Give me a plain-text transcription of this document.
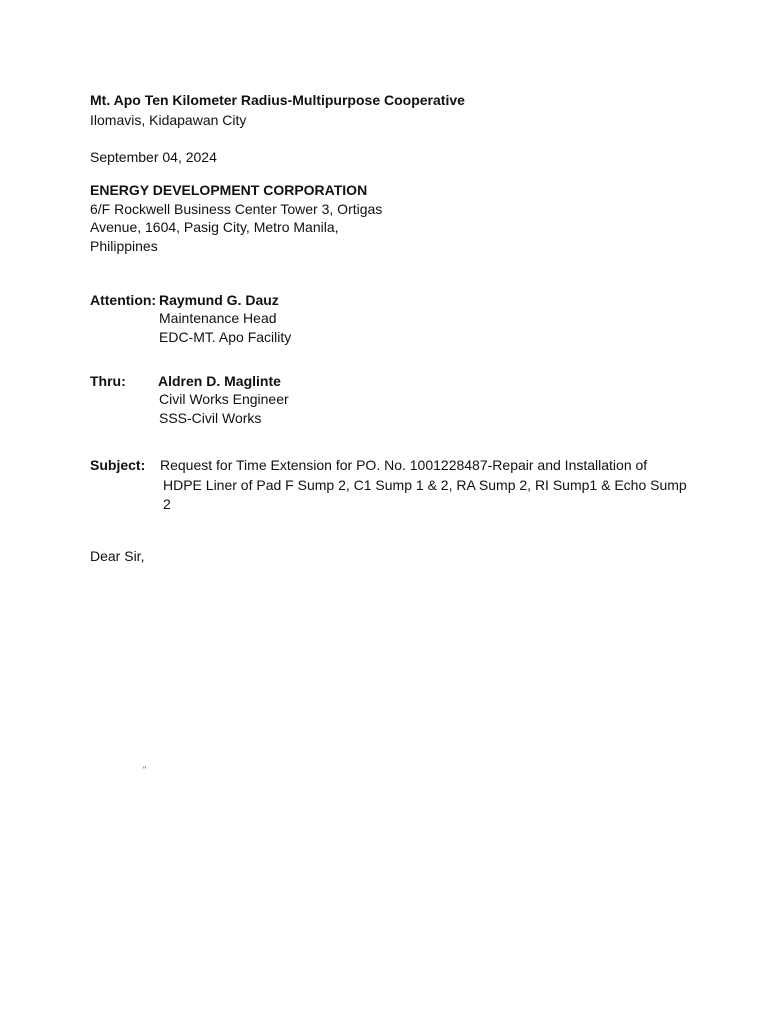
Mt. Apo Ten Kilometer Radius-Multipurpose Cooperative
Ilomavis, Kidapawan City
September 04, 2024
ENERGY DEVELOPMENT CORPORATION
6/F Rockwell Business Center Tower 3, Ortigas
Avenue, 1604, Pasig City, Metro Manila,
Philippines
Attention: Raymund G. Dauz
Maintenance Head
EDC-MT. Apo Facility
Thru: Aldren D. Maglinte
Civil Works Engineer
SSS-Civil Works
Subject: Request for Time Extension for PO. No. 1001228487-Repair and Installation of
HDPE Liner of Pad F Sump 2, C1 Sump 1 & 2, RA Sump 2, RI Sump1 & Echo Sump
2
Dear Sir,
"
